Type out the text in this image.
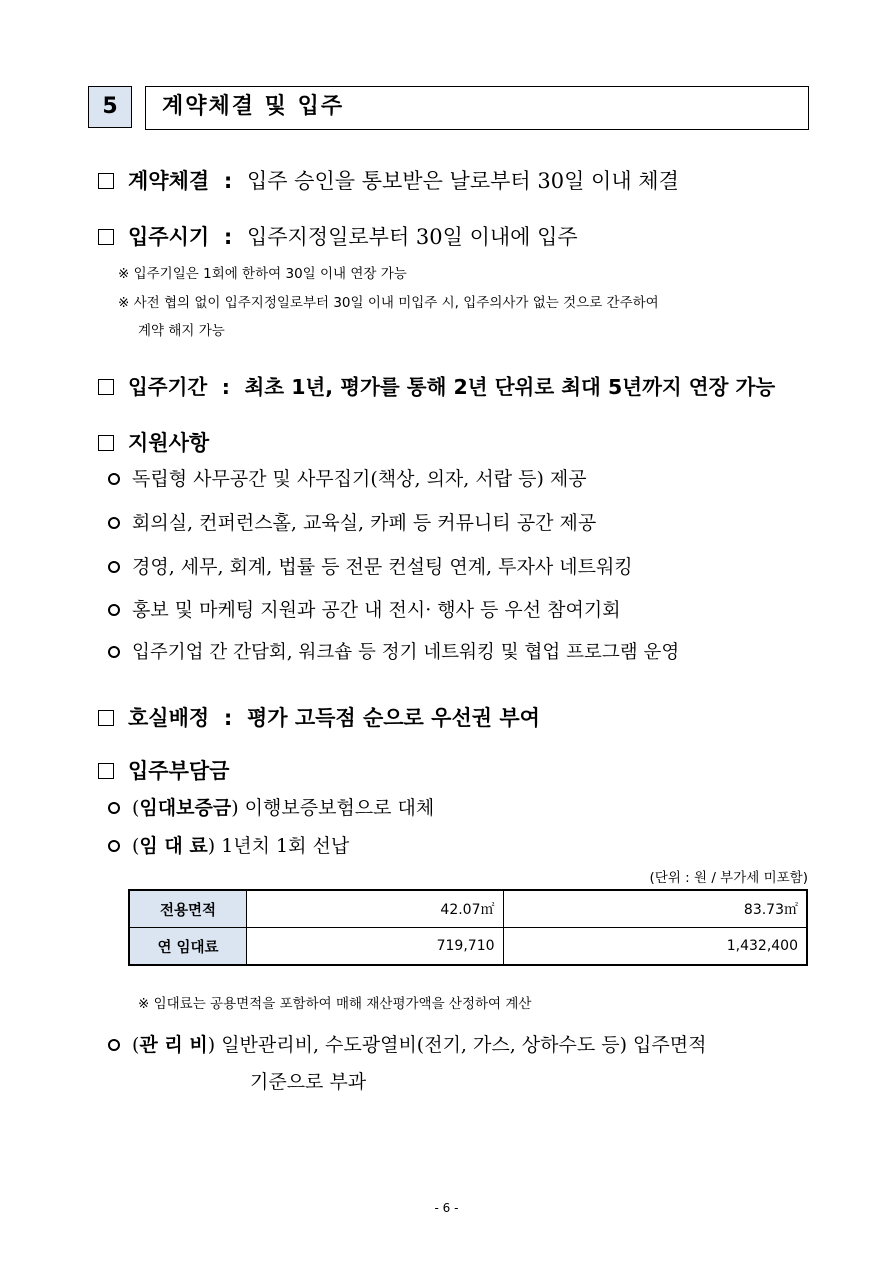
5	계약체결 및 입주
계약체결 : 입주 승인을 통보받은 날로부터 30일 이내 체결
입주시기 : 입주지정일로부터 30일 이내에 입주
※ 입주기일은 1회에 한하여 30일 이내 연장 가능
※ 사전 협의 없이 입주지정일로부터 30일 이내 미입주 시, 입주의사가 없는 것으로 간주하여
계약 해지 가능
입주기간 : 최초 1년, 평가를 통해 2년 단위로 최대 5년까지 연장 가능
지원사항
독립형 사무공간 및 사무집기(책상, 의자, 서랍 등) 제공
회의실, 컨퍼런스홀, 교육실, 카페 등 커뮤니티 공간 제공
경영, 세무, 회계, 법률 등 전문 컨설팅 연계, 투자사 네트워킹
홍보 및 마케팅 지원과 공간 내 전시· 행사 등 우선 참여기회
입주기업 간 간담회, 워크숍 등 정기 네트워킹 및 협업 프로그램 운영
호실배정 : 평가 고득점 순으로 우선권 부여
입주부담금
(임대보증금) 이행보증보험으로 대체
(임 대 료) 1년치 1회 선납
(단위 : 원 / 부가세 미포함)
전용면적	42.07㎡	83.73㎡
연 임대료	719,710	1,432,400
※ 임대료는 공용면적을 포함하여 매해 재산평가액을 산정하여 계산
(관 리 비) 일반관리비, 수도광열비(전기, 가스, 상하수도 등) 입주면적
기준으로 부과
- 6 -
